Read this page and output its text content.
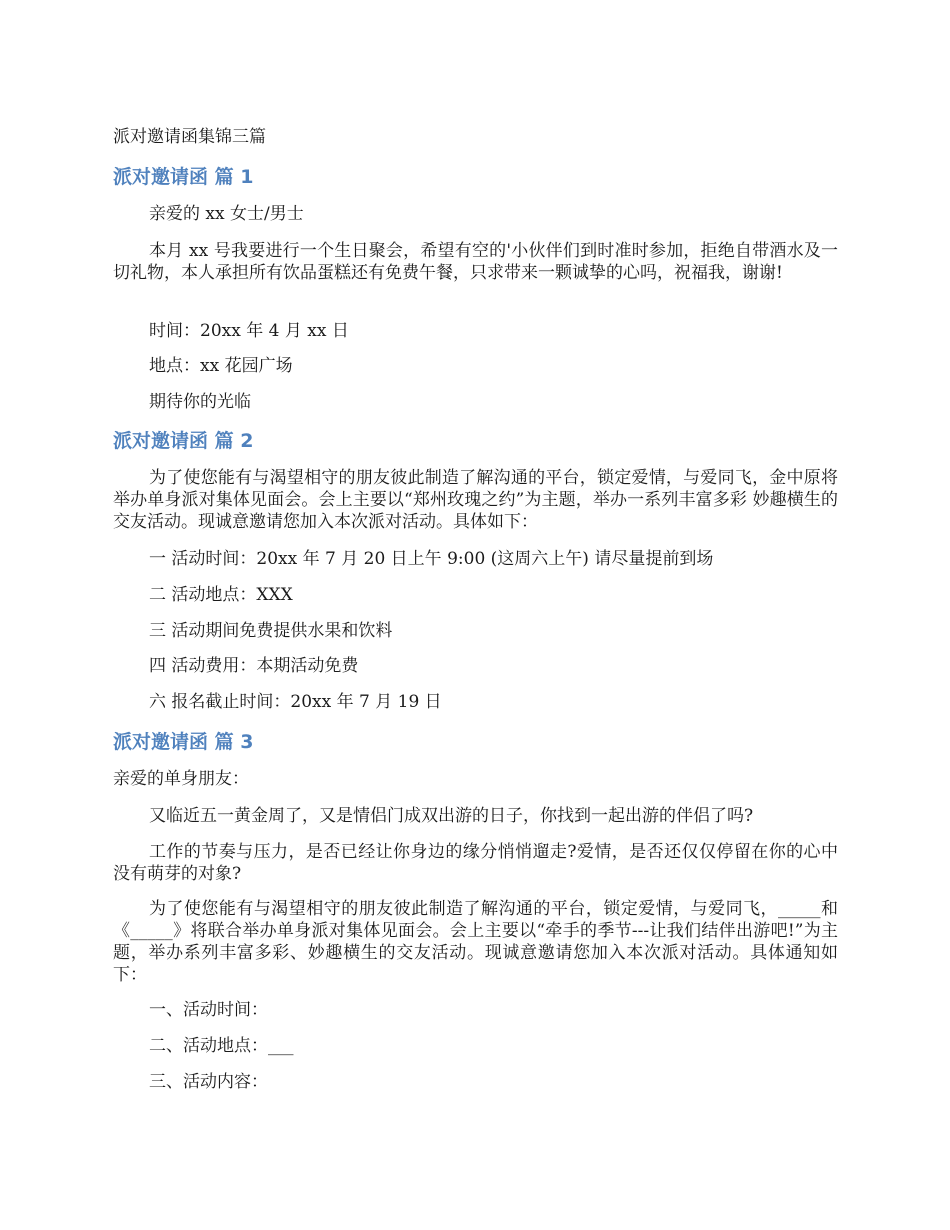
派对邀请函集锦三篇
派对邀请函 篇 1
亲爱的 xx 女士/男士
本月 xx 号我要进行一个生日聚会，希望有空的'小伙伴们到时准时参加，拒绝自带酒水及一切礼物，本人承担所有饮品蛋糕还有免费午餐，只求带来一颗诚挚的心吗，祝福我，谢谢!
时间：20xx 年 4 月 xx 日
地点：xx 花园广场
期待你的光临
派对邀请函 篇 2
为了使您能有与渴望相守的朋友彼此制造了解沟通的平台，锁定爱情，与爱同飞，金中原将举办单身派对集体见面会。会上主要以“郑州玫瑰之约”为主题，举办一系列丰富多彩 妙趣横生的交友活动。现诚意邀请您加入本次派对活动。具体如下：
一 活动时间：20xx 年 7 月 20 日上午 9:00 (这周六上午) 请尽量提前到场
二 活动地点：XXX
三 活动期间免费提供水果和饮料
四 活动费用：本期活动免费
六 报名截止时间：20xx 年 7 月 19 日
派对邀请函 篇 3
亲爱的单身朋友：
又临近五一黄金周了，又是情侣门成双出游的日子，你找到一起出游的伴侣了吗?
工作的节奏与压力，是否已经让你身边的缘分悄悄遛走?爱情，是否还仅仅停留在你的心中没有萌芽的对象?
为了使您能有与渴望相守的朋友彼此制造了解沟通的平台，锁定爱情，与爱同飞，_____和《_____》将联合举办单身派对集体见面会。会上主要以“牵手的季节---让我们结伴出游吧!”为主题，举办系列丰富多彩、妙趣横生的交友活动。现诚意邀请您加入本次派对活动。具体通知如下：
一、活动时间：
二、活动地点：___
三、活动内容：
